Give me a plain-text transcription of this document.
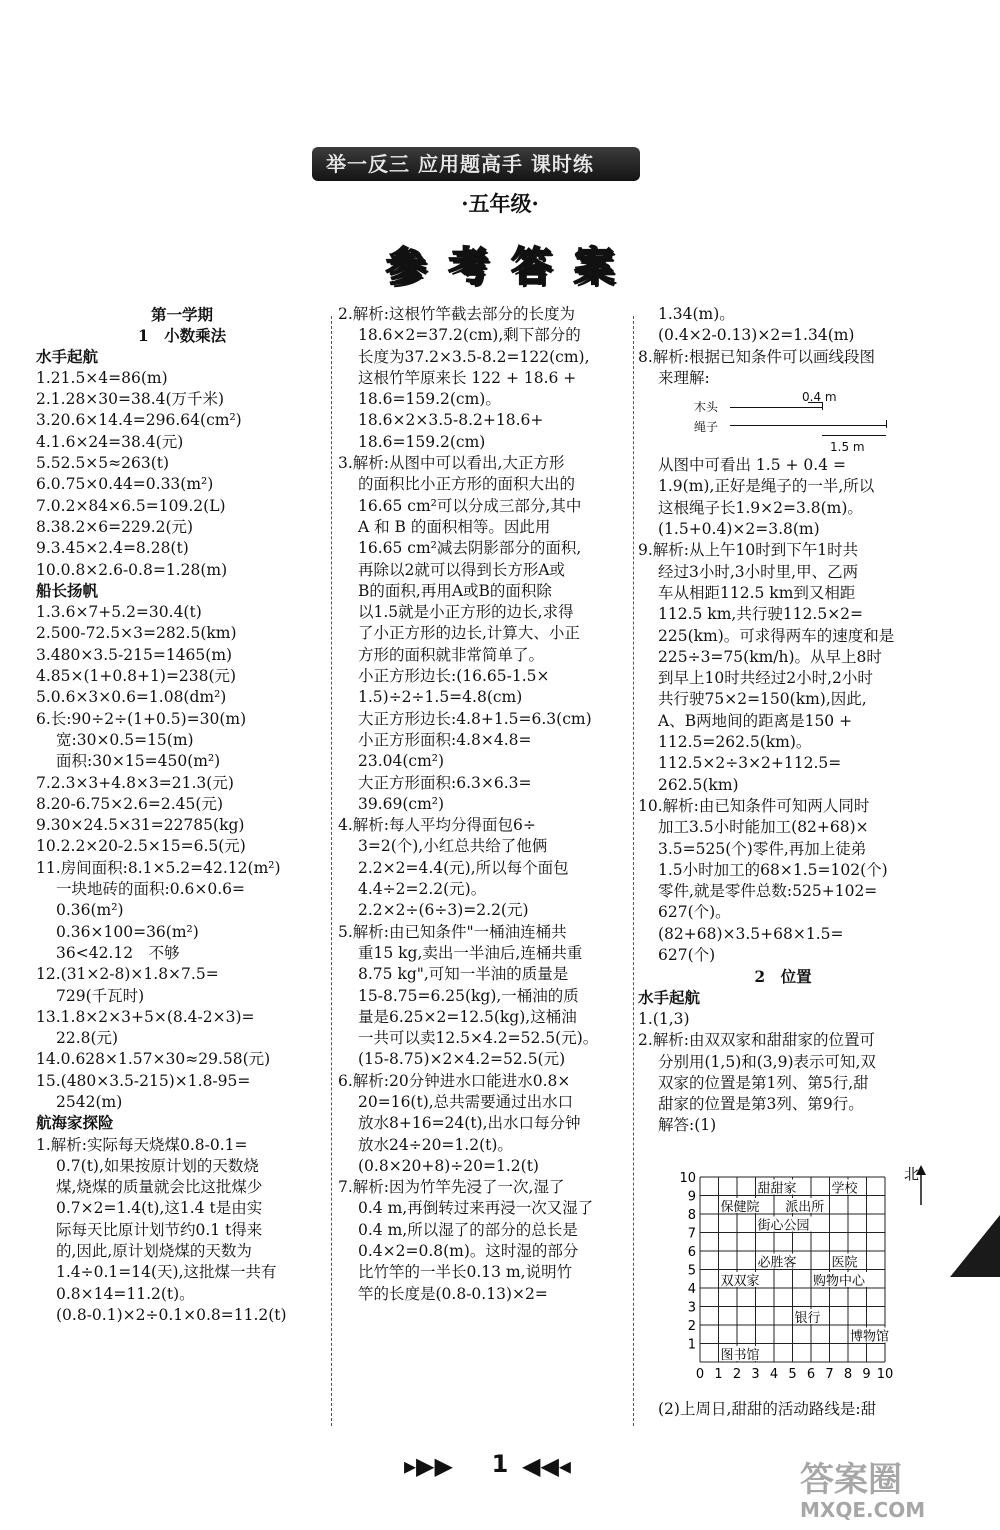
举一反三 应用题高手 课时练
·五年级·
参 考 答 案
第一学期
1　小数乘法
水手起航
1.21.5×4=86(m)
2.1.28×30=38.4(万千米)
3.20.6×14.4=296.64(cm²)
4.1.6×24=38.4(元)
5.52.5×5≈263(t)
6.0.75×0.44=0.33(m²)
7.0.2×84×6.5=109.2(L)
8.38.2×6=229.2(元)
9.3.45×2.4=8.28(t)
10.0.8×2.6-0.8=1.28(m)
船长扬帆
1.3.6×7+5.2=30.4(t)
2.500-72.5×3=282.5(km)
3.480×3.5-215=1465(m)
4.85×(1+0.8+1)=238(元)
5.0.6×3×0.6=1.08(dm²)
6.长:90÷2÷(1+0.5)=30(m)
宽:30×0.5=15(m)
面积:30×15=450(m²)
7.2.3×3+4.8×3=21.3(元)
8.20-6.75×2.6=2.45(元)
9.30×24.5×31=22785(kg)
10.2.2×20-2.5×15=6.5(元)
11.房间面积:8.1×5.2=42.12(m²)
一块地砖的面积:0.6×0.6=
0.36(m²)
0.36×100=36(m²)
36<42.12　不够
12.(31×2-8)×1.8×7.5=
729(千瓦时)
13.1.8×2×3+5×(8.4-2×3)=
22.8(元)
14.0.628×1.57×30≈29.58(元)
15.(480×3.5-215)×1.8-95=
2542(m)
航海家探险
1.解析:实际每天烧煤0.8-0.1=
0.7(t),如果按原计划的天数烧
煤,烧煤的质量就会比这批煤少
0.7×2=1.4(t),这1.4 t是由实
际每天比原计划节约0.1 t得来
的,因此,原计划烧煤的天数为
1.4÷0.1=14(天),这批煤一共有
0.8×14=11.2(t)。
(0.8-0.1)×2÷0.1×0.8=11.2(t)
2.解析:这根竹竿截去部分的长度为
18.6×2=37.2(cm),剩下部分的
长度为37.2×3.5-8.2=122(cm),
这根竹竿原来长 122 + 18.6 +
18.6=159.2(cm)。
18.6×2×3.5-8.2+18.6+
18.6=159.2(cm)
3.解析:从图中可以看出,大正方形
的面积比小正方形的面积大出的
16.65 cm²可以分成三部分,其中
A 和 B 的面积相等。因此用
16.65 cm²减去阴影部分的面积,
再除以2就可以得到长方形A或
B的面积,再用A或B的面积除
以1.5就是小正方形的边长,求得
了小正方形的边长,计算大、小正
方形的面积就非常简单了。
小正方形边长:(16.65-1.5×
1.5)÷2÷1.5=4.8(cm)
大正方形边长:4.8+1.5=6.3(cm)
小正方形面积:4.8×4.8=
23.04(cm²)
大正方形面积:6.3×6.3=
39.69(cm²)
4.解析:每人平均分得面包6÷
3=2(个),小红总共给了他俩
2.2×2=4.4(元),所以每个面包
4.4÷2=2.2(元)。
2.2×2÷(6÷3)=2.2(元)
5.解析:由已知条件"一桶油连桶共
重15 kg,卖出一半油后,连桶共重
8.75 kg",可知一半油的质量是
15-8.75=6.25(kg),一桶油的质
量是6.25×2=12.5(kg),这桶油
一共可以卖12.5×4.2=52.5(元)。
(15-8.75)×2×4.2=52.5(元)
6.解析:20分钟进水口能进水0.8×
20=16(t),总共需要通过出水口
放水8+16=24(t),出水口每分钟
放水24÷20=1.2(t)。
(0.8×20+8)÷20=1.2(t)
7.解析:因为竹竿先浸了一次,湿了
0.4 m,再倒转过来再浸一次又湿了
0.4 m,所以湿了的部分的总长是
0.4×2=0.8(m)。这时湿的部分
比竹竿的一半长0.13 m,说明竹
竿的长度是(0.8-0.13)×2=
1.34(m)。
(0.4×2-0.13)×2=1.34(m)
8.解析:根据已知条件可以画线段图
来理解:
木头
绳子
0.4 m
1.5 m
从图中可看出 1.5 + 0.4 =
1.9(m),正好是绳子的一半,所以
这根绳子长1.9×2=3.8(m)。
(1.5+0.4)×2=3.8(m)
9.解析:从上午10时到下午1时共
经过3小时,3小时里,甲、乙两
车从相距112.5 km到又相距
112.5 km,共行驶112.5×2=
225(km)。可求得两车的速度和是
225÷3=75(km/h)。从早上8时
到早上10时共经过2小时,2小时
共行驶75×2=150(km),因此,
A、B两地间的距离是150 +
112.5=262.5(km)。
112.5×2÷3×2+112.5=
262.5(km)
10.解析:由已知条件可知两人同时
加工3.5小时能加工(82+68)×
3.5=525(个)零件,再加上徒弟
1.5小时加工的68×1.5=102(个)
零件,就是零件总数:525+102=
627(个)。
(82+68)×3.5+68×1.5=
627(个)
2　位置
水手起航
1.(1,3)
2.解析:由双双家和甜甜家的位置可
分别用(1,5)和(3,9)表示可知,双
双家的位置是第1列、第5行,甜
甜家的位置是第3列、第9行。
解答:(1)
0 1
1
2
2
3
3
4
4
5
5
6
6
7
7
8
8
9
9
10
10
甜甜家	学校
保健院 派出所
街心公园
必胜客	医院
双双家	购物中心
银行
博物馆
图书馆
北
(2)上周日,甜甜的活动路线是:甜
▸▶▶	1 ◀◀◂	答案圈
MXQE.COM
